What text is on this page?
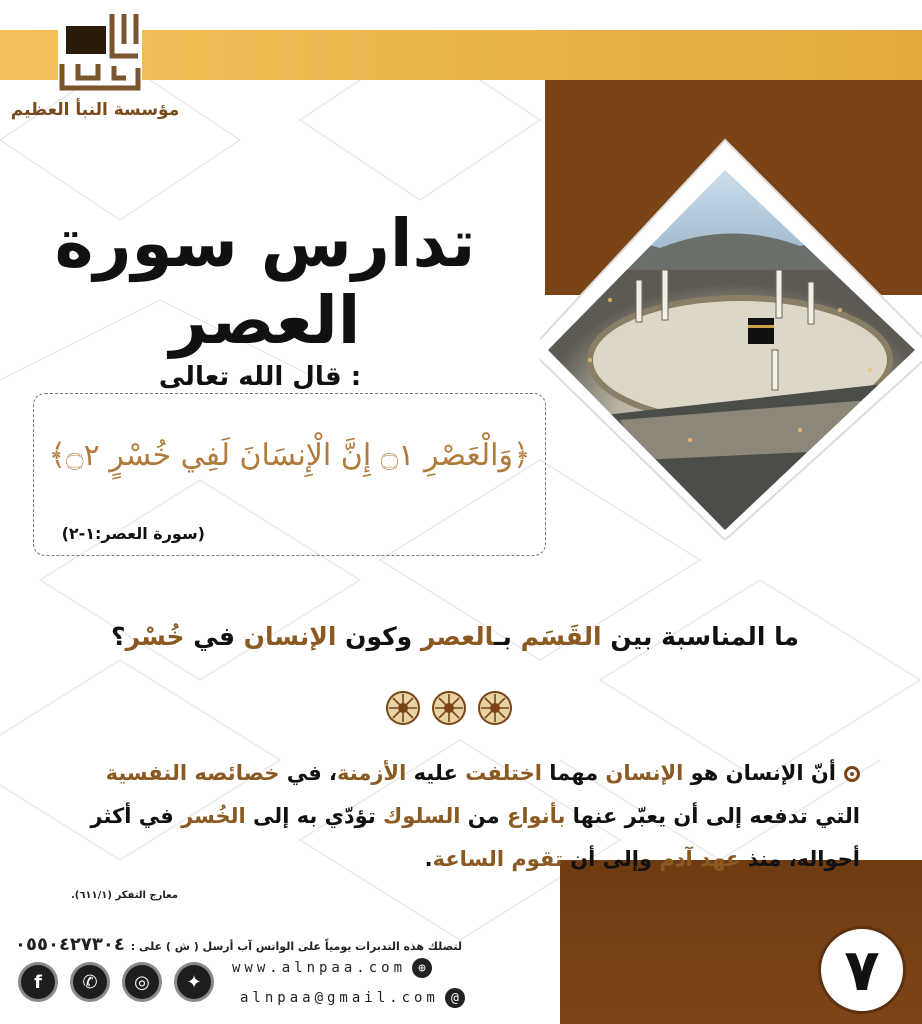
مؤسسة النبأ العظيم
تدارس سورة العصر
قال الله تعالى :
﴿وَالْعَصْرِ ۝١ إِنَّ الْإِنسَانَ لَفِي خُسْرٍ ۝٢﴾
(سورة العصر:١-٢)
ما المناسبة بين القَسَم بـالعصر وكون الإنسان في خُسْر؟
أنّ الإنسان هو الإنسان مهما اختلفت عليه الأزمنة، في خصائصه النفسية التي تدفعه إلى أن يعبّر عنها بأنواع من السلوك تؤدّي به إلى الخُسر في أكثر أحواله، منذ عهد آدم وإلى أن تقوم الساعة.
معارج التفكر (٦١١/١).
لتصلك هذه التدبرات يومياً على الواتس آب أرسل ( ش ) على : ٠٥٥٠٤٢٧٣٠٤
www.alnpaa.com ⊕
alnpaa@gmail.com @
f	✆	◎	✦	٧
